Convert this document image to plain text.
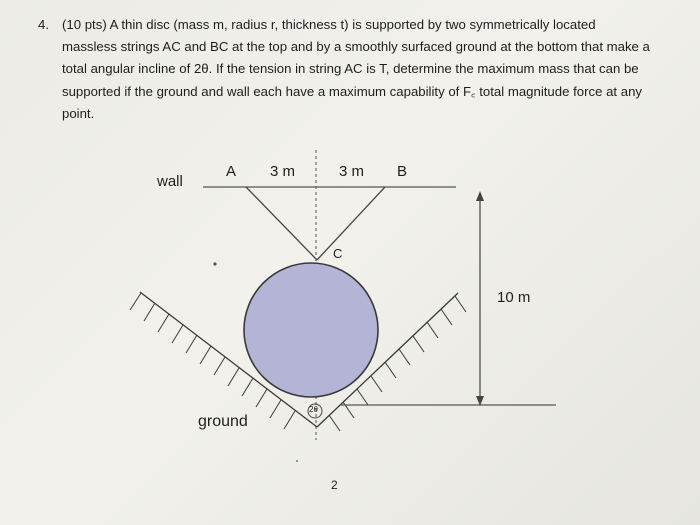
4. (10 pts) A thin disc (mass m, radius r, thickness t) is supported by two symmetrically located
massless strings AC and BC at the top and by a smoothly surfaced ground at the bottom that make a
total angular incline of 2θ. If the tension in string AC is T, determine the maximum mass that can be
supported if the ground and wall each have a maximum capability of F꜀ total magnitude force at any
point.
wall
A 3 m	3 m B
C
10 m
ground
2θ
2
